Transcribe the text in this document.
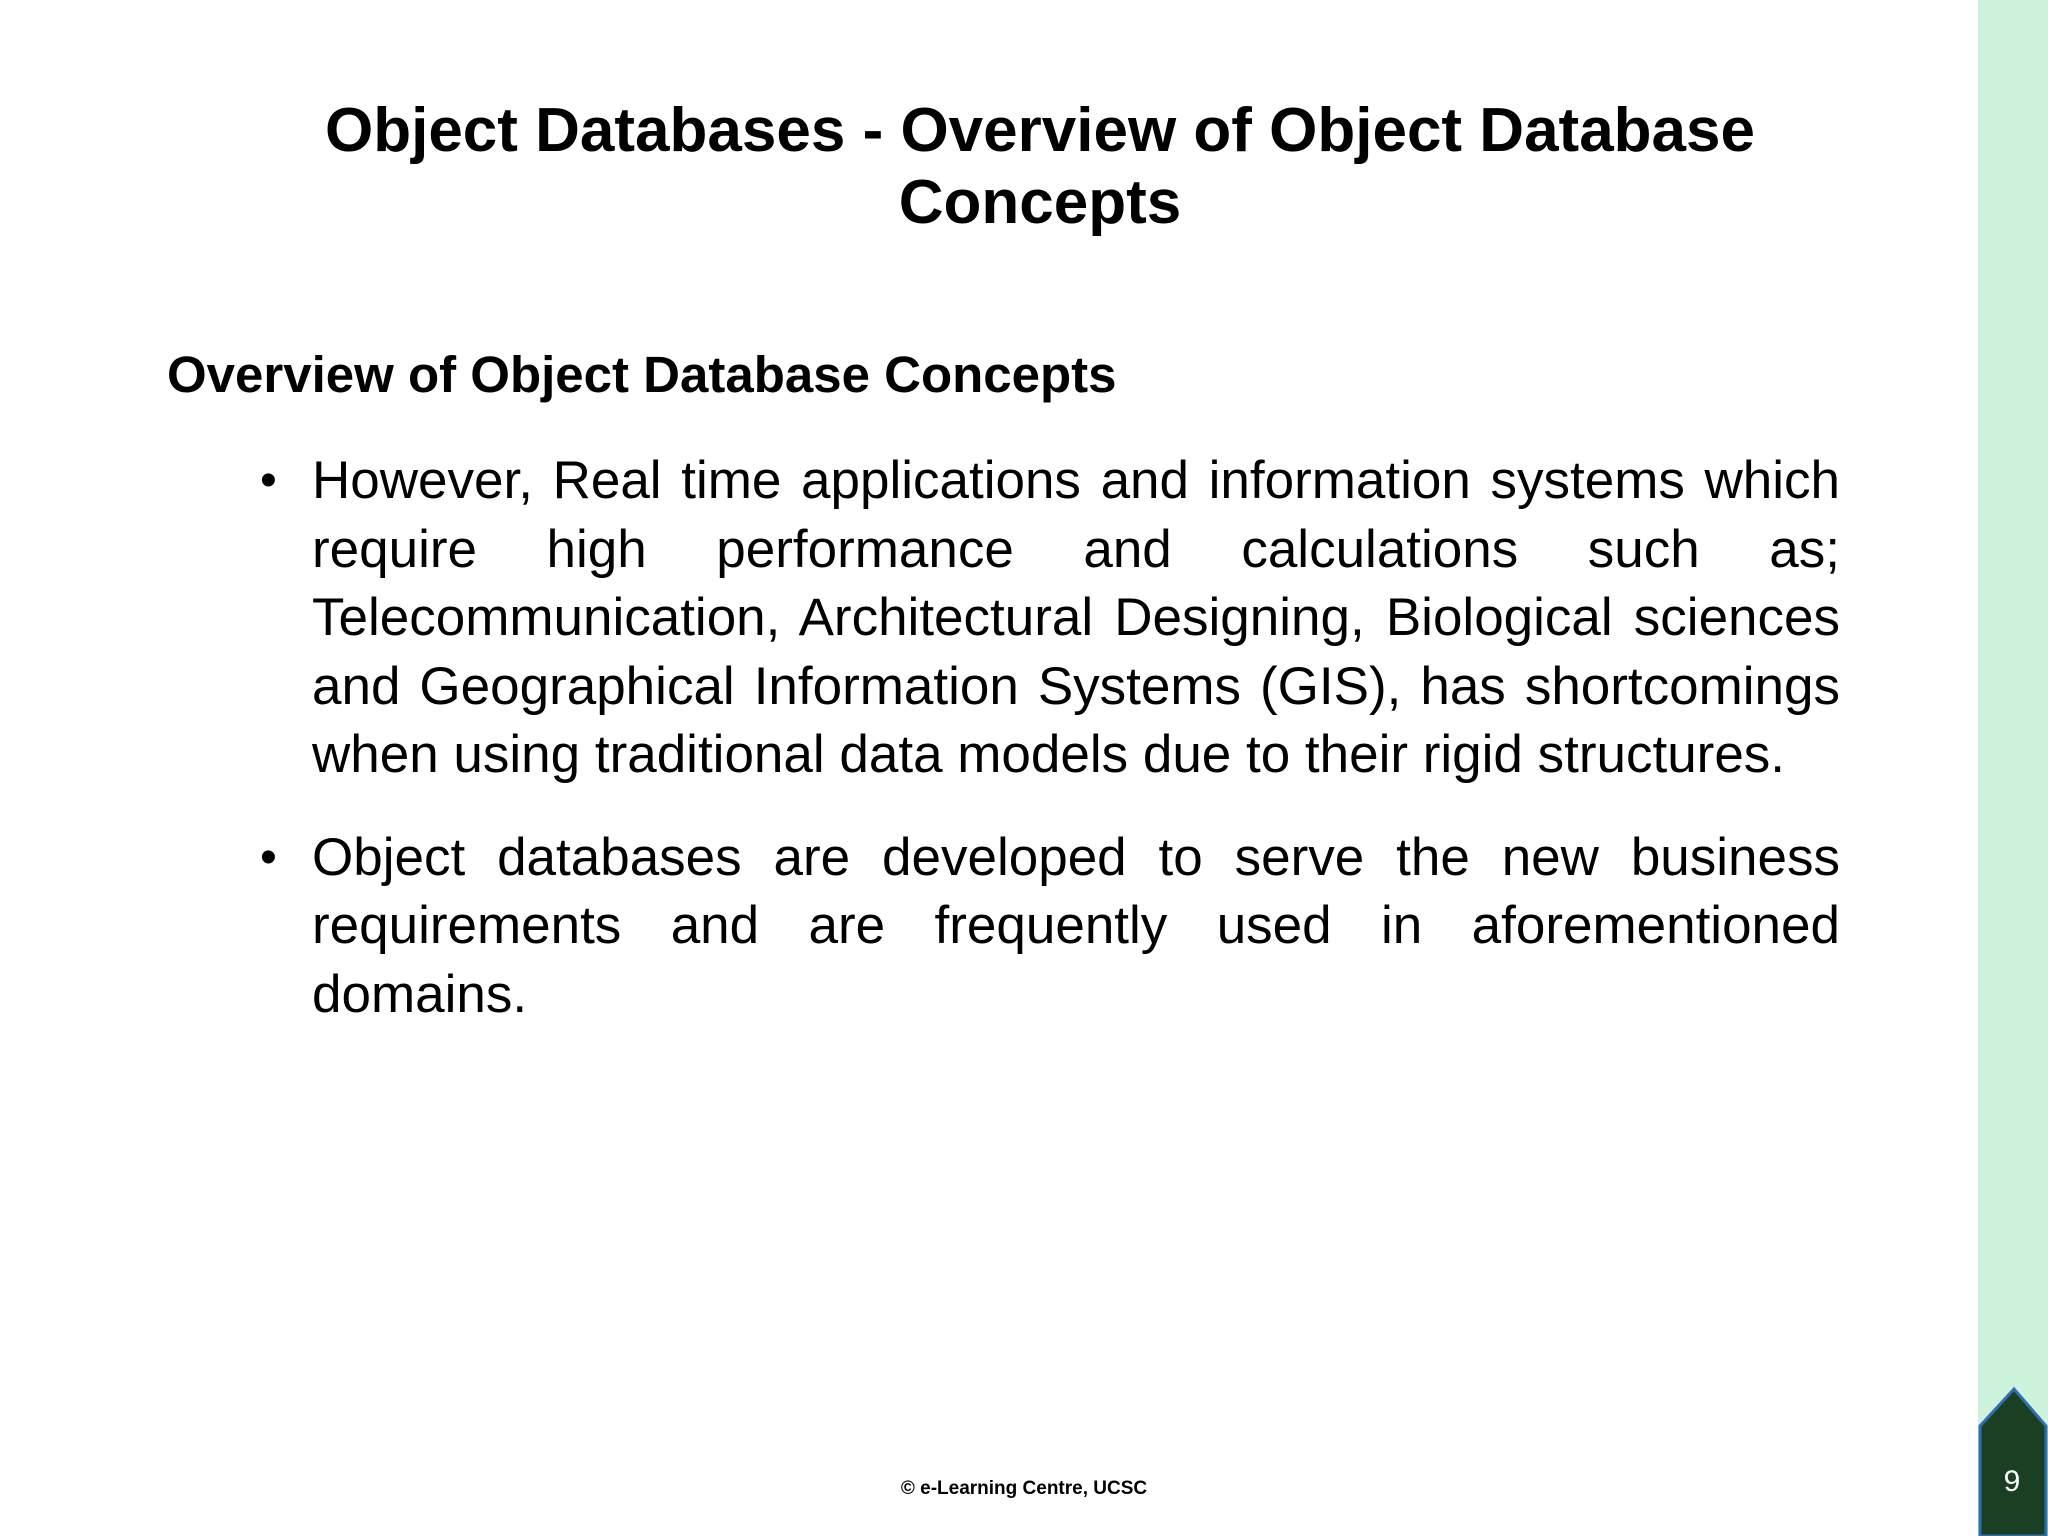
Object Databases - Overview of Object Database Concepts
Overview of Object Database Concepts
• However, Real time applications and information systems which require high performance and calculations such as; Telecommunication, Architectural Designing, Biological sciences and Geographical Information Systems (GIS), has shortcomings when using traditional data models due to their rigid structures.
• Object databases are developed to serve the new business requirements and are frequently used in aforementioned domains.
© e-Learning Centre, UCSC	9
